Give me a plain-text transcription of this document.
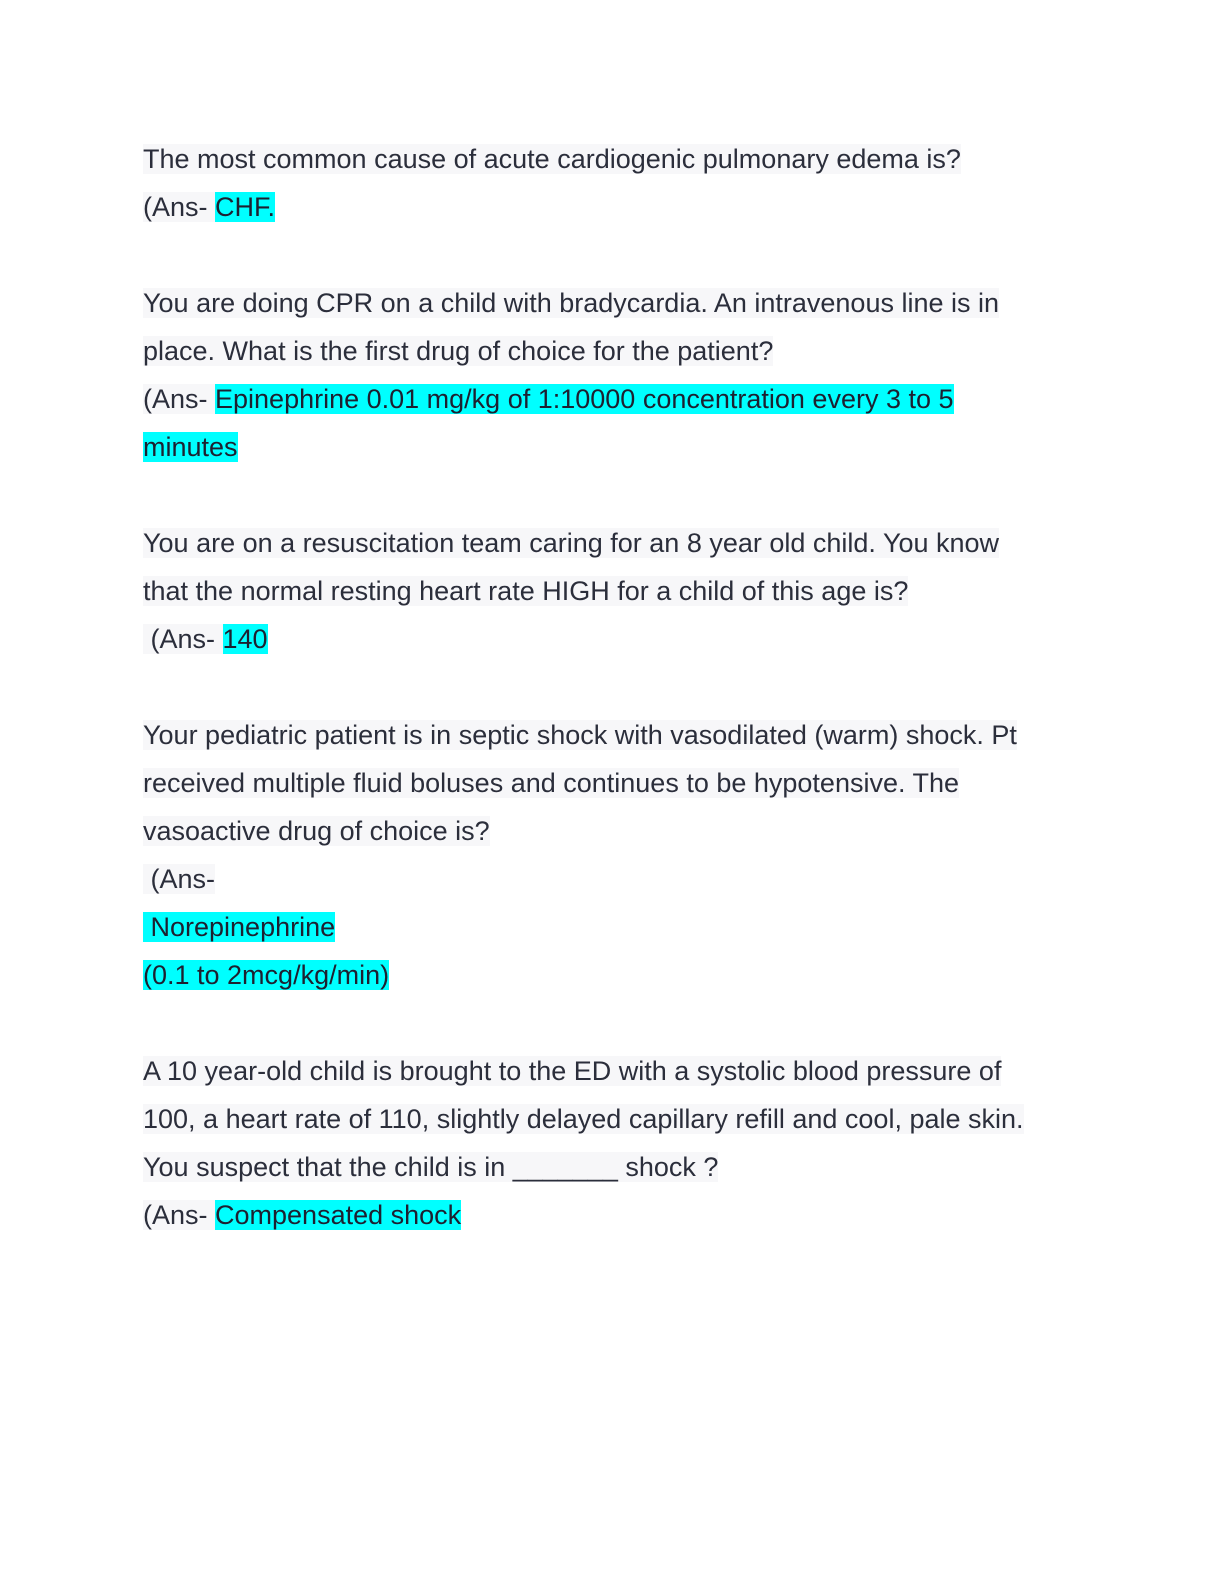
The most common cause of acute cardiogenic pulmonary edema is?
(Ans- CHF.
You are doing CPR on a child with bradycardia. An intravenous line is in
place. What is the first drug of choice for the patient?
(Ans- Epinephrine 0.01 mg/kg of 1:10000 concentration every 3 to 5
minutes
You are on a resuscitation team caring for an 8 year old child. You know
that the normal resting heart rate HIGH for a child of this age is?
(Ans- 140
Your pediatric patient is in septic shock with vasodilated (warm) shock. Pt
received multiple fluid boluses and continues to be hypotensive. The
vasoactive drug of choice is?
(Ans-
Norepinephrine
(0.1 to 2mcg/kg/min)
A 10 year-old child is brought to the ED with a systolic blood pressure of
100, a heart rate of 110, slightly delayed capillary refill and cool, pale skin.
You suspect that the child is in _______ shock ?
(Ans- Compensated shock
